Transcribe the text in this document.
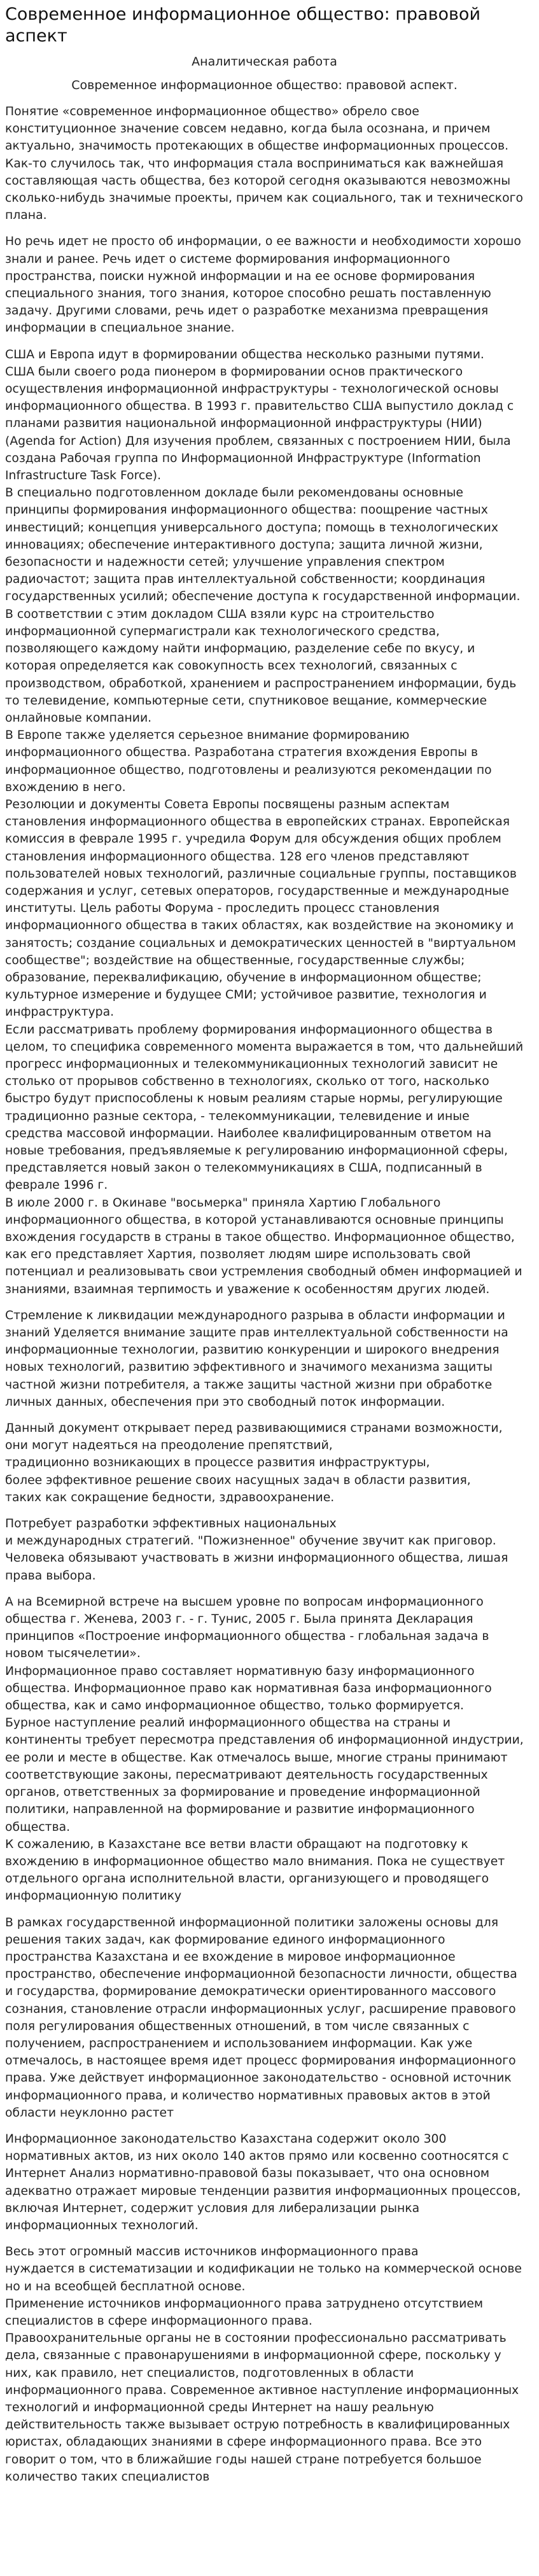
Современное информационное общество: правовой аспект
Аналитическая работа
Современное информационное общество: правовой аспект.

Понятие «современное информационное общество» обрело свое конституционное значение совсем недавно, когда была осознана, и причем актуально, значимость протекающих в обществе информационных процессов. Как-то случилось так, что информация стала восприниматься как важнейшая составляющая часть общества, без которой сегодня оказываются невозможны сколько-нибудь значимые проекты, причем как социального, так и технического плана.

Но речь идет не просто об информации, о ее важности и необходимости хорошо знали и ранее. Речь идет о системе формирования информационного пространства, поиски нужной информации и на ее основе формирования специального знания, того знания, которое способно решать поставленную задачу. Другими словами, речь идет о разработке механизма превращения информации в специальное знание.

США и Европа идут в формировании общества несколько разными путями.
США были своего рода пионером в формировании основ практического осуществления информационной инфраструктуры - технологической основы информационного общества. В 1993 г. правительство США выпустило доклад с планами развития национальной информационной инфраструктуры (НИИ) (Agenda for Action) Для изучения проблем, связанных с построением НИИ, была создана Рабочая группа по Информационной Инфраструктуре (Information Infrastructure Task Force).
В специально подготовленном докладе были рекомендованы основные принципы формирования информационного общества: поощрение частных инвестиций; концепция универсального доступа; помощь в технологических инновациях; обеспечение интерактивного доступа; защита личной жизни, безопасности и надежности сетей; улучшение управления спектром радиочастот; защита прав интеллектуальной собственности; координация государственных усилий; обеспечение доступа к государственной информации. В соответствии с этим докладом США взяли курс на строительство информационной супермагистрали как технологического средства, позволяющего каждому найти информацию, разделение себе по вкусу, и которая определяется как совокупность всех технологий, связанных с производством, обработкой, хранением и распространением информации, будь то телевидение, компьютерные сети, спутниковое вещание, коммерческие онлайновые компании.
В Европе также уделяется серьезное внимание формированию информационного общества. Разработана стратегия вхождения Европы в информационное общество, подготовлены и реализуются рекомендации по вхождению в него.
Резолюции и документы Совета Европы посвящены разным аспектам становления информационного общества в европейских странах. Европейская комиссия в феврале 1995 г. учредила Форум для обсуждения общих проблем становления информационного общества. 128 его членов представляют пользователей новых технологий, различные социальные группы, поставщиков содержания и услуг, сетевых операторов, государственные и международные институты. Цель работы Форума - проследить процесс становления информационного общества в таких областях, как воздействие на экономику и занятость; создание социальных и демократических ценностей в "виртуальном сообществе"; воздействие на общественные, государственные службы; образование, переквалификацию, обучение в информационном обществе; культурное измерение и будущее СМИ; устойчивое развитие, технология и инфраструктура.
Если рассматривать проблему формирования информационного общества в целом, то специфика современного момента выражается в том, что дальнейший прогресс информационных и телекоммуникационных технологий зависит не столько от прорывов собственно в технологиях, сколько от того, насколько быстро будут приспособлены к новым реалиям старые нормы, регулирующие традиционно разные сектора, - телекоммуникации, телевидение и иные средства массовой информации. Наиболее квалифицированным ответом на новые требования, предъявляемые к регулированию информационной сферы, представляется новый закон о телекоммуникациях в США, подписанный в феврале 1996 г.
В июле 2000 г. в Окинаве "восьмерка" приняла Хартию Глобального информационного общества, в которой устанавливаются основные принципы вхождения государств в страны в такое общество. Информационное общество, как его представляет Хартия, позволяет людям шире использовать свой потенциал и реализовывать свои устремления свободный обмен информацией и знаниями, взаимная терпимость и уважение к особенностям других людей.

Стремление к ликвидации международного разрыва в области информации и знаний Уделяется внимание защите прав интеллектуальной собственности на информационные технологии, развитию конкуренции и широкого внедрения новых технологий, развитию эффективного и значимого механизма защиты частной жизни потребителя, а также защиты частной жизни при обработке личных данных, обеспечения при это свободный поток информации.

Данный документ открывает перед развивающимися странами возможности, они могут надеяться на преодоление препятствий,
традиционно возникающих в процессе развития инфраструктуры,
более эффективное решение своих насущных задач в области развития,
таких как сокращение бедности, здравоохранение.

Потребует разработки эффективных национальных
и международных стратегий. "Пожизненное" обучение звучит как приговор. Человека обязывают участвовать в жизни информационного общества, лишая права выбора.

А на Всемирной встрече на высшем уровне по вопросам информационного общества г. Женева, 2003 г. - г. Тунис, 2005 г. Была принята Декларация принципов «Построение информационного общества - глобальная задача в новом тысячелетии».
Информационное право составляет нормативную базу информационного общества. Информационное право как нормативная база информационного общества, как и само информационное общество, только формируется.
Бурное наступление реалий информационного общества на страны и континенты требует пересмотра представления об информационной индустрии, ее роли и месте в обществе. Как отмечалось выше, многие страны принимают соответствующие законы, пересматривают деятельность государственных органов, ответственных за формирование и проведение информационной политики, направленной на формирование и развитие информационного общества.
К сожалению, в Казахстане все ветви власти обращают на подготовку к вхождению в информационное общество мало внимания. Пока не существует отдельного органа исполнительной власти, организующего и проводящего информационную политику

В рамках государственной информационной политики заложены основы для решения таких задач, как формирование единого информационного пространства Казахстана и ее вхождение в мировое информационное пространство, обеспечение информационной безопасности личности, общества и государства, формирование демократически ориентированного массового сознания, становление отрасли информационных услуг, расширение правового поля регулирования общественных отношений, в том числе связанных с получением, распространением и использованием информации. Как уже отмечалось, в настоящее время идет процесс формирования информационного права. Уже действует информационное законодательство - основной источник информационного права, и количество нормативных правовых актов в этой области неуклонно растет

Информационное законодательство Казахстана содержит около 300 нормативных актов, из них около 140 актов прямо или косвенно соотносятся с Интернет Анализ нормативно-правовой базы показывает, что она основном адекватно отражает мировые тенденции развития информационных процессов, включая Интернет, содержит условия для либерализации рынка информационных технологий.

Весь этот огромный массив источников информационного права
нуждается в систематизации и кодификации не только на коммерческой основе но и на всеобщей бесплатной основе.
Применение источников информационного права затруднено отсутствием специалистов в сфере информационного права.
Правоохранительные органы не в состоянии профессионально рассматривать дела, связанные с правонарушениями в информационной сфере, поскольку у них, как правило, нет специалистов, подготовленных в области информационного права. Современное активное наступление информационных технологий и информационной среды Интернет на нашу реальную действительность также вызывает острую потребность в квалифицированных юристах, обладающих знаниями в сфере информационного права. Все это говорит о том, что в ближайшие годы нашей стране потребуется большое количество таких специалистов
